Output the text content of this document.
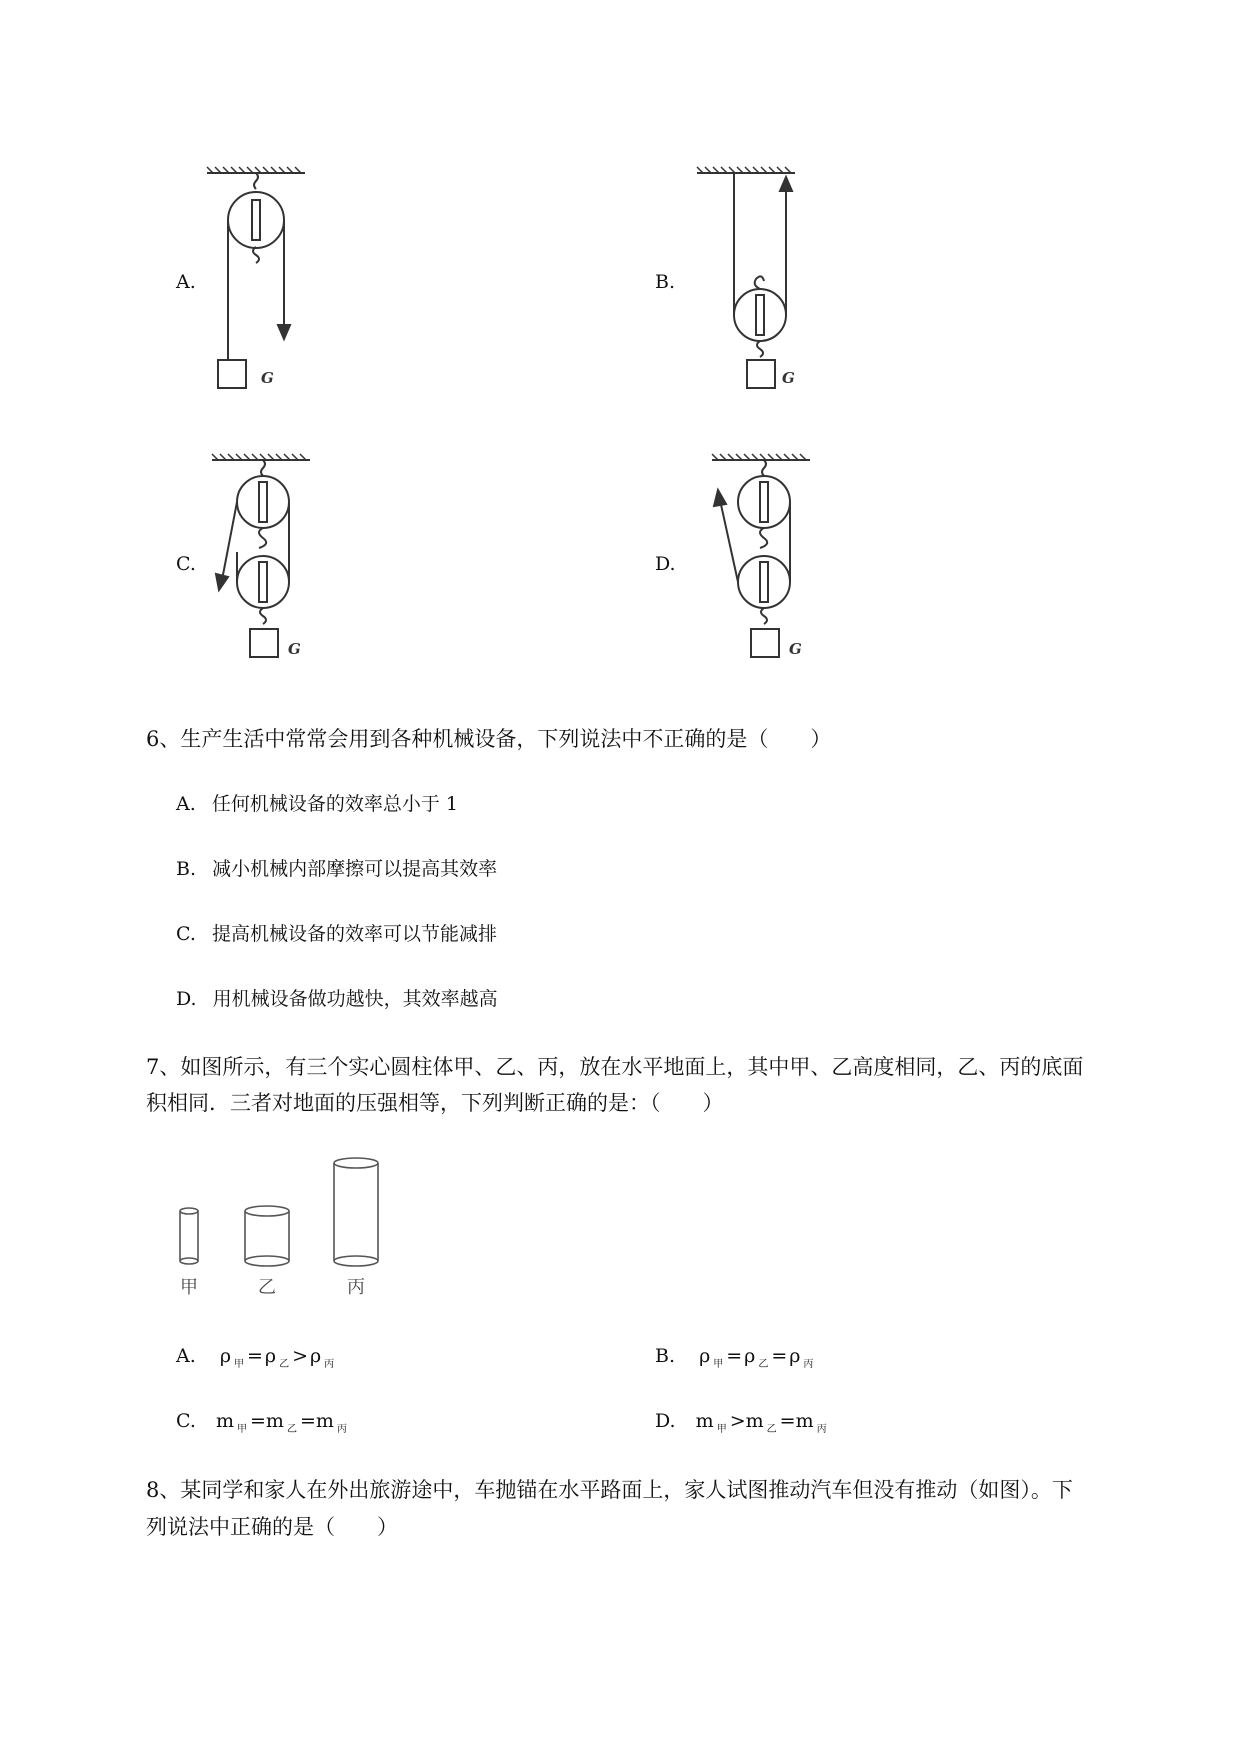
A.
G
B.
G
C.
G
D.
G
6、生产生活中常常会用到各种机械设备，下列说法中不正确的是（　　）
A. 任何机械设备的效率总小于 1
B. 减小机械内部摩擦可以提高其效率
C. 提高机械设备的效率可以节能减排
D. 用机械设备做功越快，其效率越高
7、如图所示，有三个实心圆柱体甲、乙、丙，放在水平地面上，其中甲、乙高度相同，乙、丙的底面
积相同．三者对地面的压强相等，下列判断正确的是：（　　）
甲	乙	丙
A. ρ $_甲$ = ρ $_乙$ > ρ $_丙$	B. ρ $_甲$ = ρ $_乙$ = ρ $_丙$
C. m $_甲$ =m $_乙$ =m $_丙$	D. m $_甲$ >m $_乙$ =m $_丙$
8、某同学和家人在外出旅游途中，车抛锚在水平路面上，家人试图推动汽车但没有推动（如图）。下
列说法中正确的是（　　）
